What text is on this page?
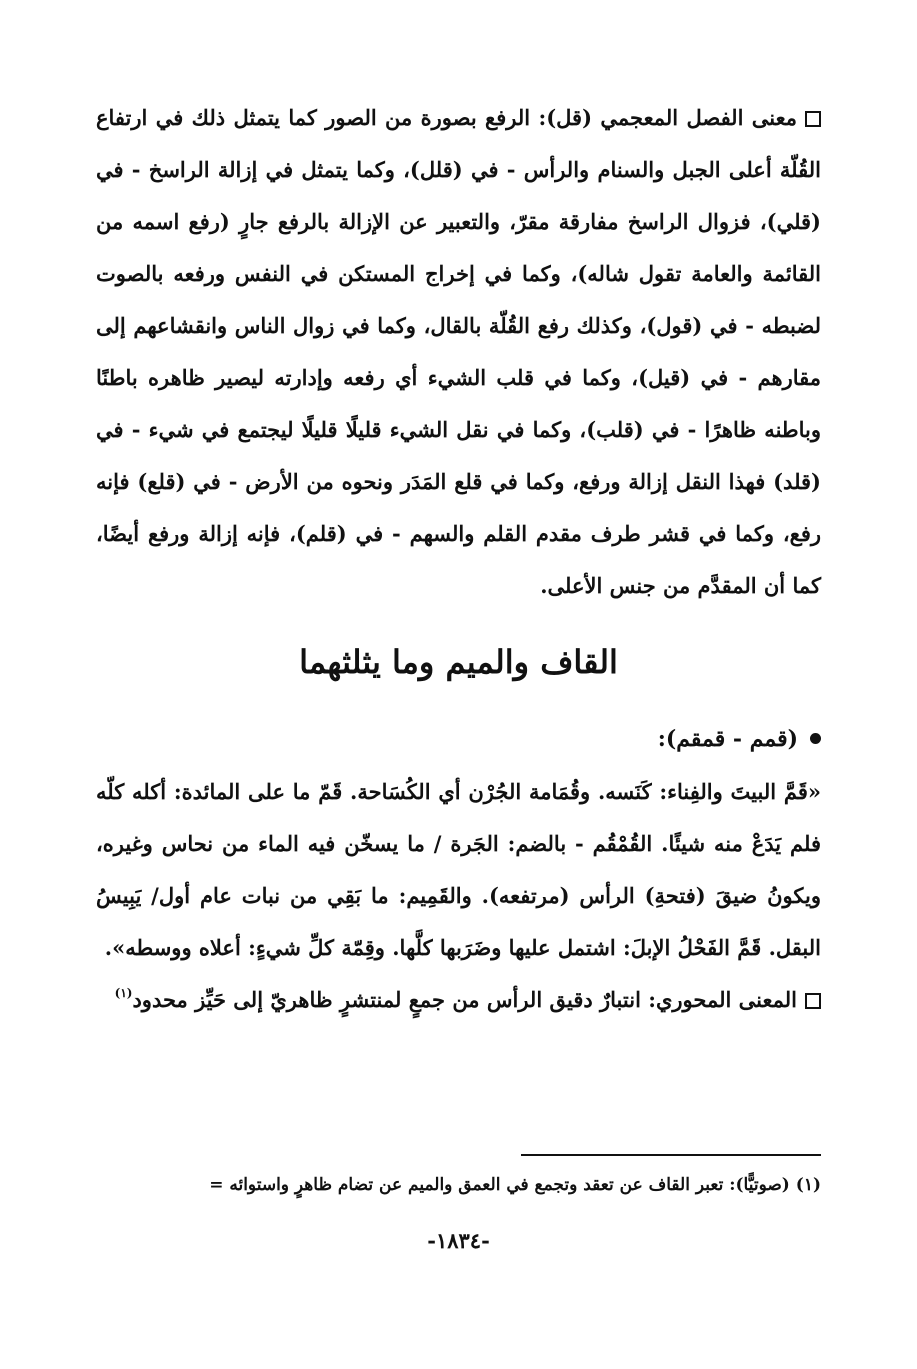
معنى الفصل المعجمي (قل): الرفع بصورة من الصور كما يتمثل ذلك في ارتفاع القُلّة أعلى الجبل والسنام والرأس - في (قلل)، وكما يتمثل في إزالة الراسخ - في (قلي)، فزوال الراسخ مفارقة مقرّ، والتعبير عن الإزالة بالرفع جارٍ (رفع اسمه من القائمة والعامة تقول شاله)، وكما في إخراج المستكن في النفس ورفعه بالصوت لضبطه - في (قول)، وكذلك رفع القُلّة بالقال، وكما في زوال الناس وانقشاعهم إلى مقارهم - في (قيل)، وكما في قلب الشيء أي رفعه وإدارته ليصير ظاهره باطنًا وباطنه ظاهرًا - في (قلب)، وكما في نقل الشيء قليلًا قليلًا ليجتمع في شيء - في (قلد) فهذا النقل إزالة ورفع، وكما في قلع المَدَر ونحوه من الأرض - في (قلع) فإنه رفع، وكما في قشر طرف مقدم القلم والسهم - في (قلم)، فإنه إزالة ورفع أيضًا، كما أن المقدَّم من جنس الأعلى.

القاف والميم وما يثلثهما

(قمم - قمقم):

«قَمَّ البيتَ والفِناء: كَنَسه. وقُمَامة الجُرْن أي الكُسَاحة. قَمّ ما على المائدة: أكله كلّه فلم يَدَعْ منه شيئًا. القُمْقُم - بالضم: الجَرة / ما يسخّن فيه الماء من نحاس وغيره، ويكونُ ضيقَ (فتحةِ) الرأس (مرتفعه). والقَمِيم: ما بَقِي من نبات عام أول/ يَبِيسُ البقل. قَمَّ الفَحْلُ الإبلَ: اشتمل عليها وضَرَبها كلَّها. وقِمّة كلِّ شيءٍ: أعلاه ووسطه».

المعنى المحوري: انتبارٌ دقيق الرأس من جمعٍ لمنتشرٍ ظاهريّ إلى حَيِّز محدود$^{(١)}$

(١) (صوتيًّا): تعبر القاف عن تعقد وتجمع في العمق والميم عن تضام ظاهرٍ واستوائه =

-١٨٣٤-
